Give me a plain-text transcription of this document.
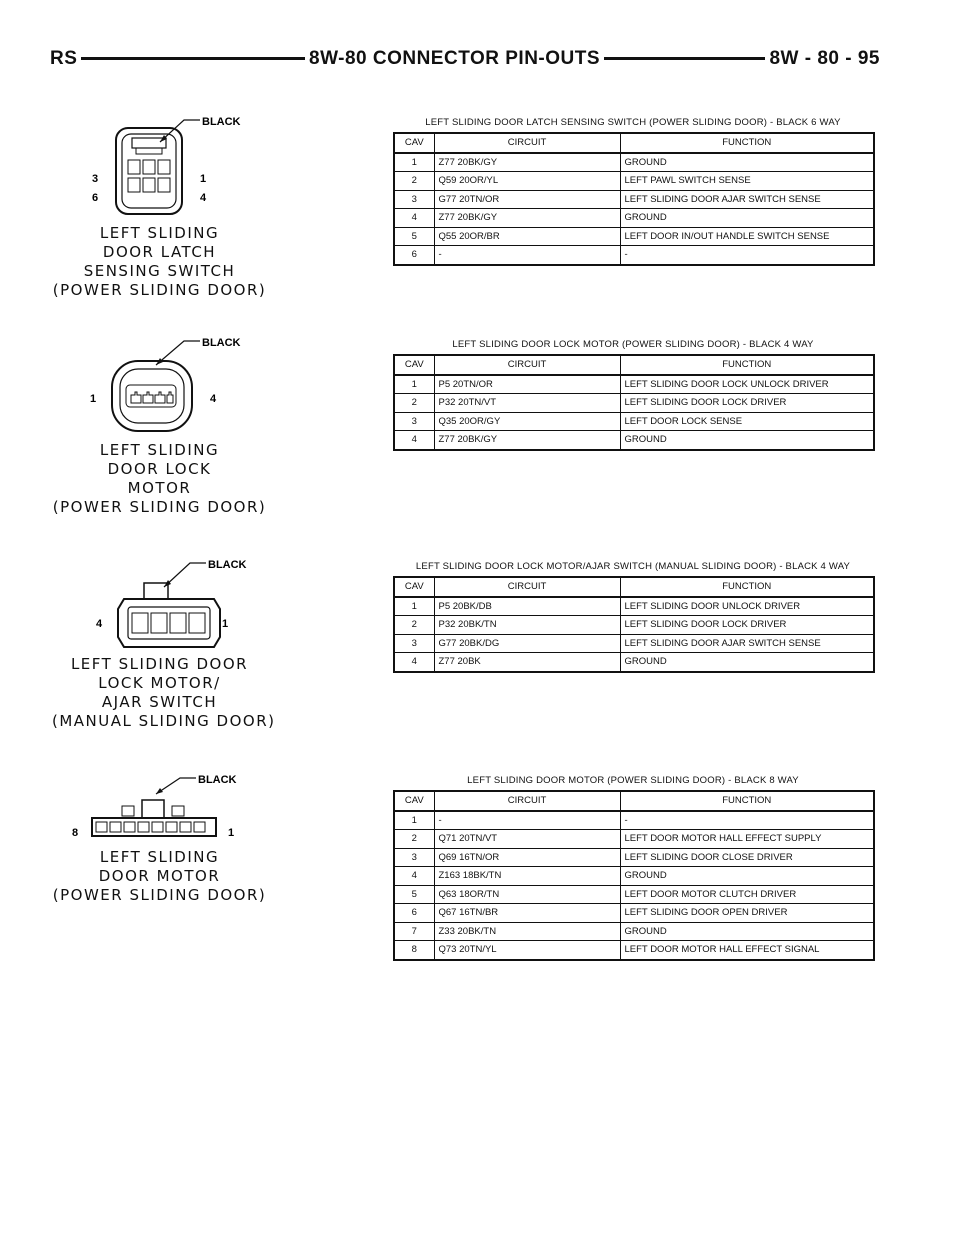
RS	8W-80 CONNECTOR PIN-OUTS	8W - 80 - 95
BLACK
3	1
6	4
LEFT SLIDING
DOOR LATCH
SENSING SWITCH
(POWER SLIDING DOOR)
LEFT SLIDING DOOR LATCH SENSING SWITCH (POWER SLIDING DOOR) - BLACK 6 WAY
CAV	CIRCUIT	FUNCTION
1	Z77 20BK/GY	GROUND
2	Q59 20OR/YL	LEFT PAWL SWITCH SENSE
3	G77 20TN/OR	LEFT SLIDING DOOR AJAR SWITCH SENSE
4	Z77 20BK/GY	GROUND
5	Q55 20OR/BR	LEFT DOOR IN/OUT HANDLE SWITCH SENSE
6	-	-
BLACK
1	4
LEFT SLIDING
DOOR LOCK
MOTOR
(POWER SLIDING DOOR)
LEFT SLIDING DOOR LOCK MOTOR (POWER SLIDING DOOR) - BLACK 4 WAY
CAV	CIRCUIT	FUNCTION
1	P5 20TN/OR	LEFT SLIDING DOOR LOCK UNLOCK DRIVER
2	P32 20TN/VT	LEFT SLIDING DOOR LOCK DRIVER
3	Q35 20OR/GY	LEFT DOOR LOCK SENSE
4	Z77 20BK/GY	GROUND
BLACK
4	1
LEFT SLIDING DOOR
LOCK MOTOR/
AJAR SWITCH
(MANUAL SLIDING DOOR)
LEFT SLIDING DOOR LOCK MOTOR/AJAR SWITCH (MANUAL SLIDING DOOR) - BLACK 4 WAY
CAV	CIRCUIT	FUNCTION
1	P5 20BK/DB	LEFT SLIDING DOOR UNLOCK DRIVER
2	P32 20BK/TN	LEFT SLIDING DOOR LOCK DRIVER
3	G77 20BK/DG	LEFT SLIDING DOOR AJAR SWITCH SENSE
4	Z77 20BK	GROUND
BLACK
8	1
LEFT SLIDING
DOOR MOTOR
(POWER SLIDING DOOR)
LEFT SLIDING DOOR MOTOR (POWER SLIDING DOOR) - BLACK 8 WAY
CAV	CIRCUIT	FUNCTION
1	-	-
2	Q71 20TN/VT	LEFT DOOR MOTOR HALL EFFECT SUPPLY
3	Q69 16TN/OR	LEFT SLIDING DOOR CLOSE DRIVER
4	Z163 18BK/TN	GROUND
5	Q63 18OR/TN	LEFT DOOR MOTOR CLUTCH DRIVER
6	Q67 16TN/BR	LEFT SLIDING DOOR OPEN DRIVER
7	Z33 20BK/TN	GROUND
8	Q73 20TN/YL	LEFT DOOR MOTOR HALL EFFECT SIGNAL
